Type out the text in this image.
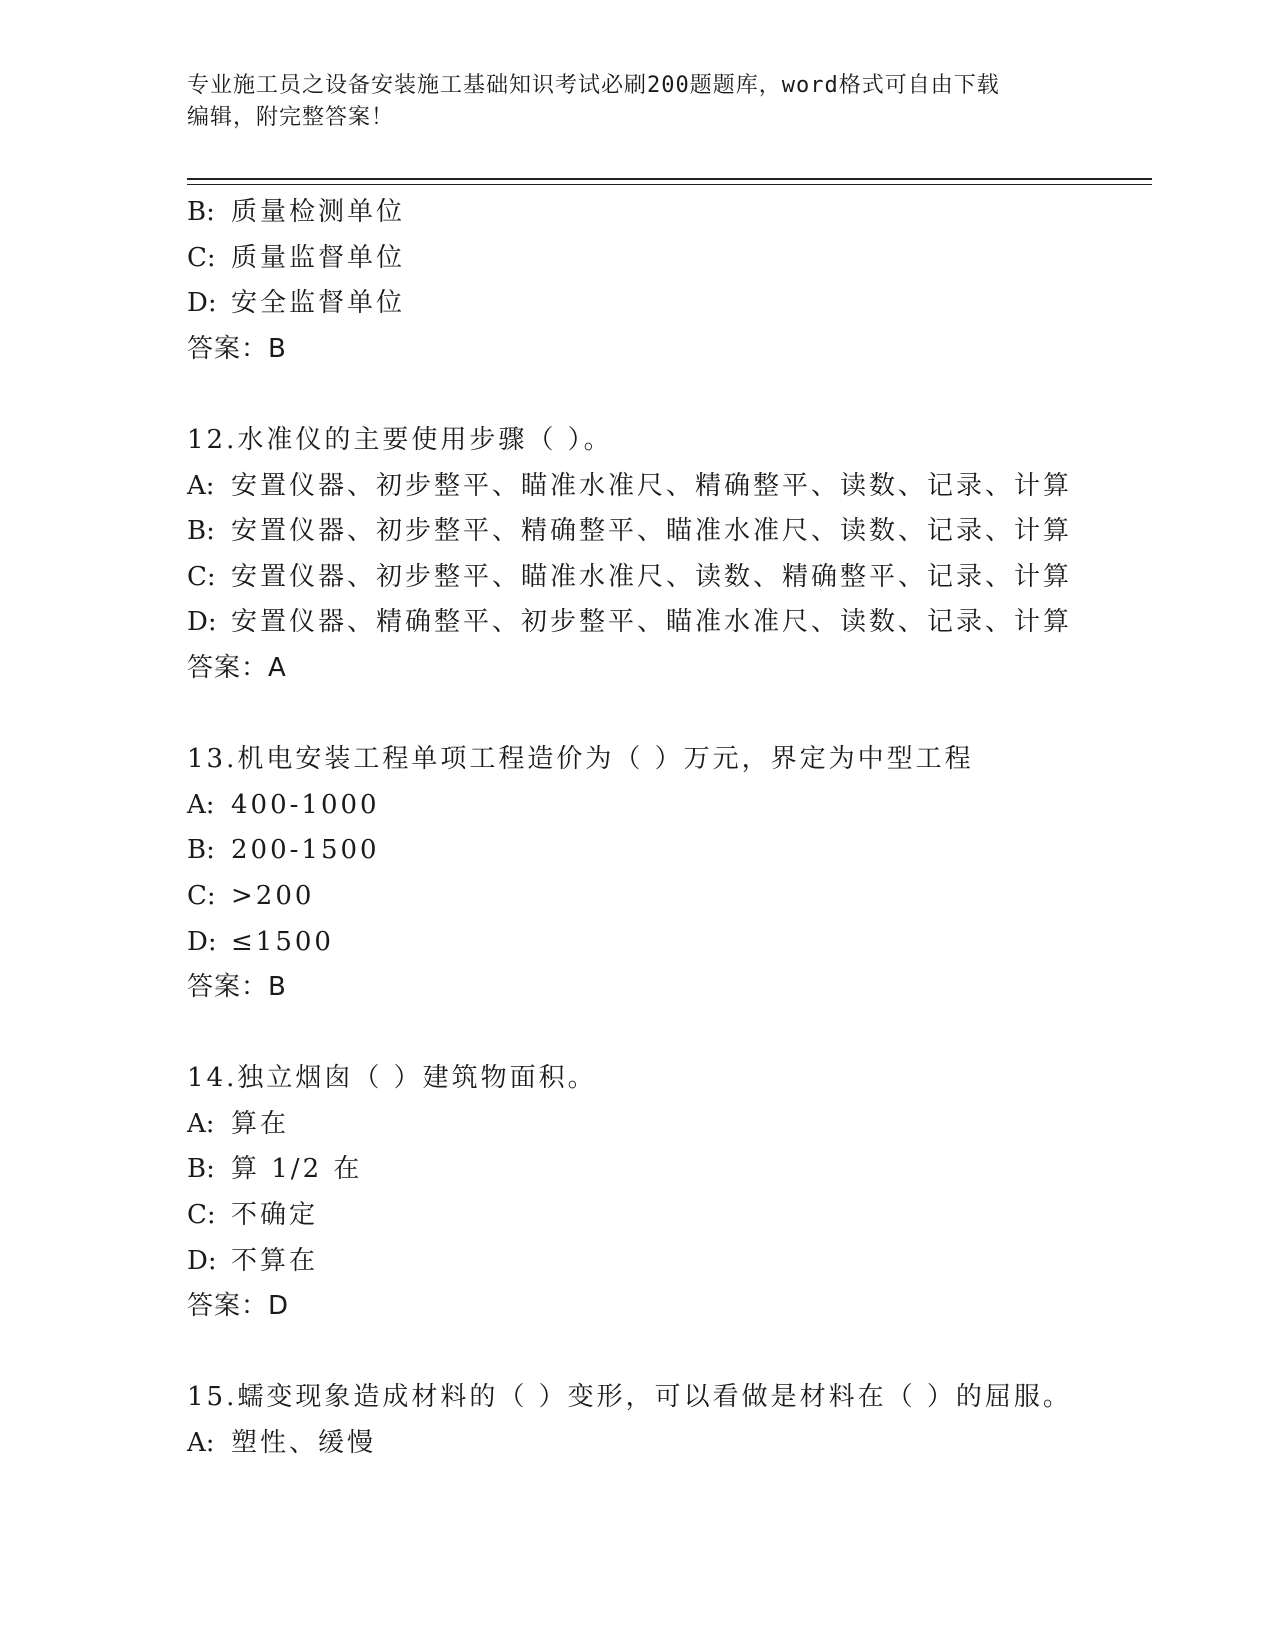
专业施工员之设备安装施工基础知识考试必刷200题题库，word格式可自由下载
编辑，附完整答案！
B: 质量检测单位
C: 质量监督单位
D: 安全监督单位
答案：B
12.水准仪的主要使用步骤（ ）。
A: 安置仪器、初步整平、瞄准水准尺、精确整平、读数、记录、计算
B: 安置仪器、初步整平、精确整平、瞄准水准尺、读数、记录、计算
C: 安置仪器、初步整平、瞄准水准尺、读数、精确整平、记录、计算
D: 安置仪器、精确整平、初步整平、瞄准水准尺、读数、记录、计算
答案：A
13.机电安装工程单项工程造价为（ ）万元，界定为中型工程
A: 400-1000
B: 200-1500
C: >200
D: ≤1500
答案：B
14.独立烟囱（ ）建筑物面积。
A: 算在
B: 算 1/2 在
C: 不确定
D: 不算在
答案：D
15.蠕变现象造成材料的（ ）变形，可以看做是材料在（ ）的屈服。
A: 塑性、缓慢
